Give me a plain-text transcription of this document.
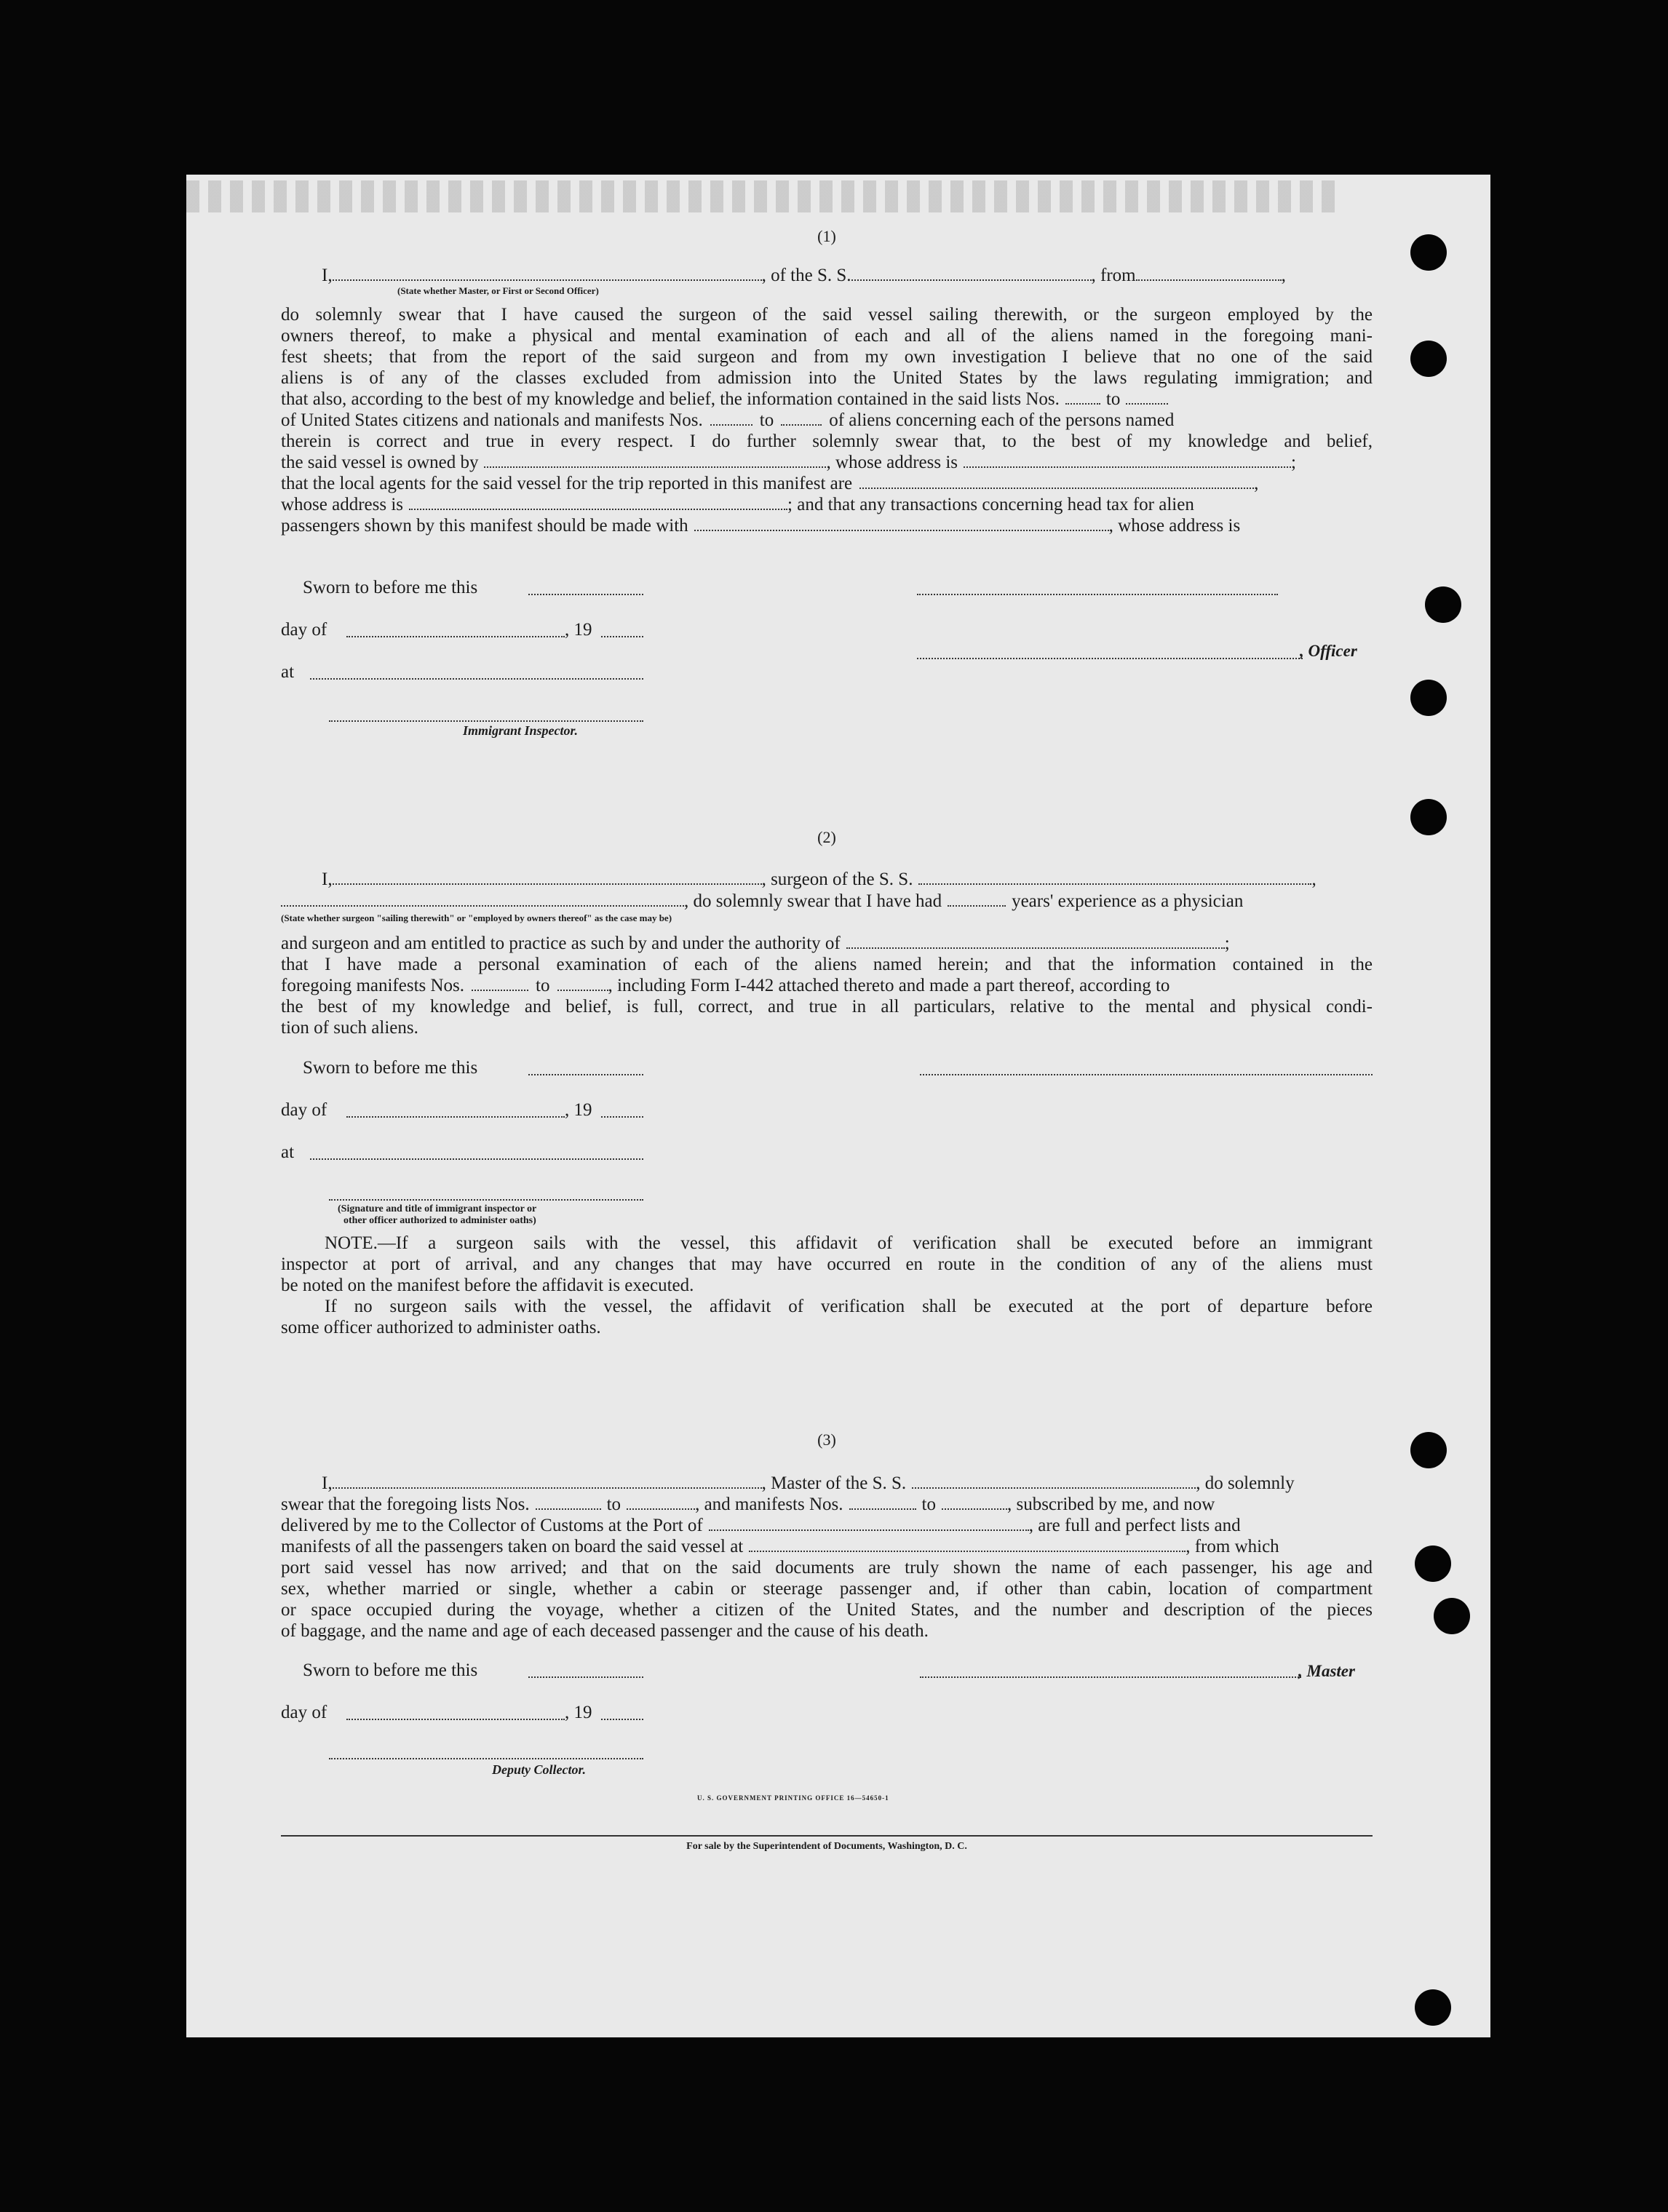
(1)
I,	, of the S. S.	, from	,
(State whether Master, or First or Second Officer)
do solemnly swear that I have caused the surgeon of the said vessel sailing therewith, or the surgeon employed by the
owners thereof, to make a physical and mental examination of each and all of the aliens named in the foregoing mani-
fest sheets; that from the report of the said surgeon and from my own investigation I believe that no one of the said
aliens is of any of the classes excluded from admission into the United States by the laws regulating immigration; and
that also, according to the best of my knowledge and belief, the information contained in the said lists Nos.	to
of United States citizens and nationals and manifests Nos.	to	of aliens concerning each of the persons named
therein is correct and true in every respect. I do further solemnly swear that, to the best of my knowledge and belief,
the said vessel is owned by	, whose address is	;
that the local agents for the said vessel for the trip reported in this manifest are	,
whose address is	; and that any transactions concerning head tax for alien
passengers shown by this manifest should be made with	, whose address is
Sworn to before me this
day of	, 19
, Officer
at
Immigrant Inspector.
(2)
I,	, surgeon of the S. S.	,
, do solemnly swear that I have had	years' experience as a physician
(State whether surgeon "sailing therewith" or "employed by owners thereof" as the case may be)
and surgeon and am entitled to practice as such by and under the authority of	;
that I have made a personal examination of each of the aliens named herein; and that the information contained in the
foregoing manifests Nos.	to	, including Form I-442 attached thereto and made a part thereof, according to
the best of my knowledge and belief, is full, correct, and true in all particulars, relative to the mental and physical condi-
tion of such aliens.
Sworn to before me this
day of	, 19
at
(Signature and title of immigrant inspector or
other officer authorized to administer oaths)
NOTE.—If a surgeon sails with the vessel, this affidavit of verification shall be executed before an immigrant
inspector at port of arrival, and any changes that may have occurred en route in the condition of any of the aliens must
be noted on the manifest before the affidavit is executed.
If no surgeon sails with the vessel, the affidavit of verification shall be executed at the port of departure before
some officer authorized to administer oaths.
(3)
I,	, Master of the S. S.	, do solemnly
swear that the foregoing lists Nos.	to	, and manifests Nos.	to	, subscribed by me, and now
delivered by me to the Collector of Customs at the Port of	, are full and perfect lists and
manifests of all the passengers taken on board the said vessel at	, from which
port said vessel has now arrived; and that on the said documents are truly shown the name of each passenger, his age and
sex, whether married or single, whether a cabin or steerage passenger and, if other than cabin, location of compartment
or space occupied during the voyage, whether a citizen of the United States, and the number and description of the pieces
of baggage, and the name and age of each deceased passenger and the cause of his death.
Sworn to before me this	, Master
day of	, 19
Deputy Collector.
U. S. GOVERNMENT PRINTING OFFICE 16—54650-1
For sale by the Superintendent of Documents, Washington, D. C.
